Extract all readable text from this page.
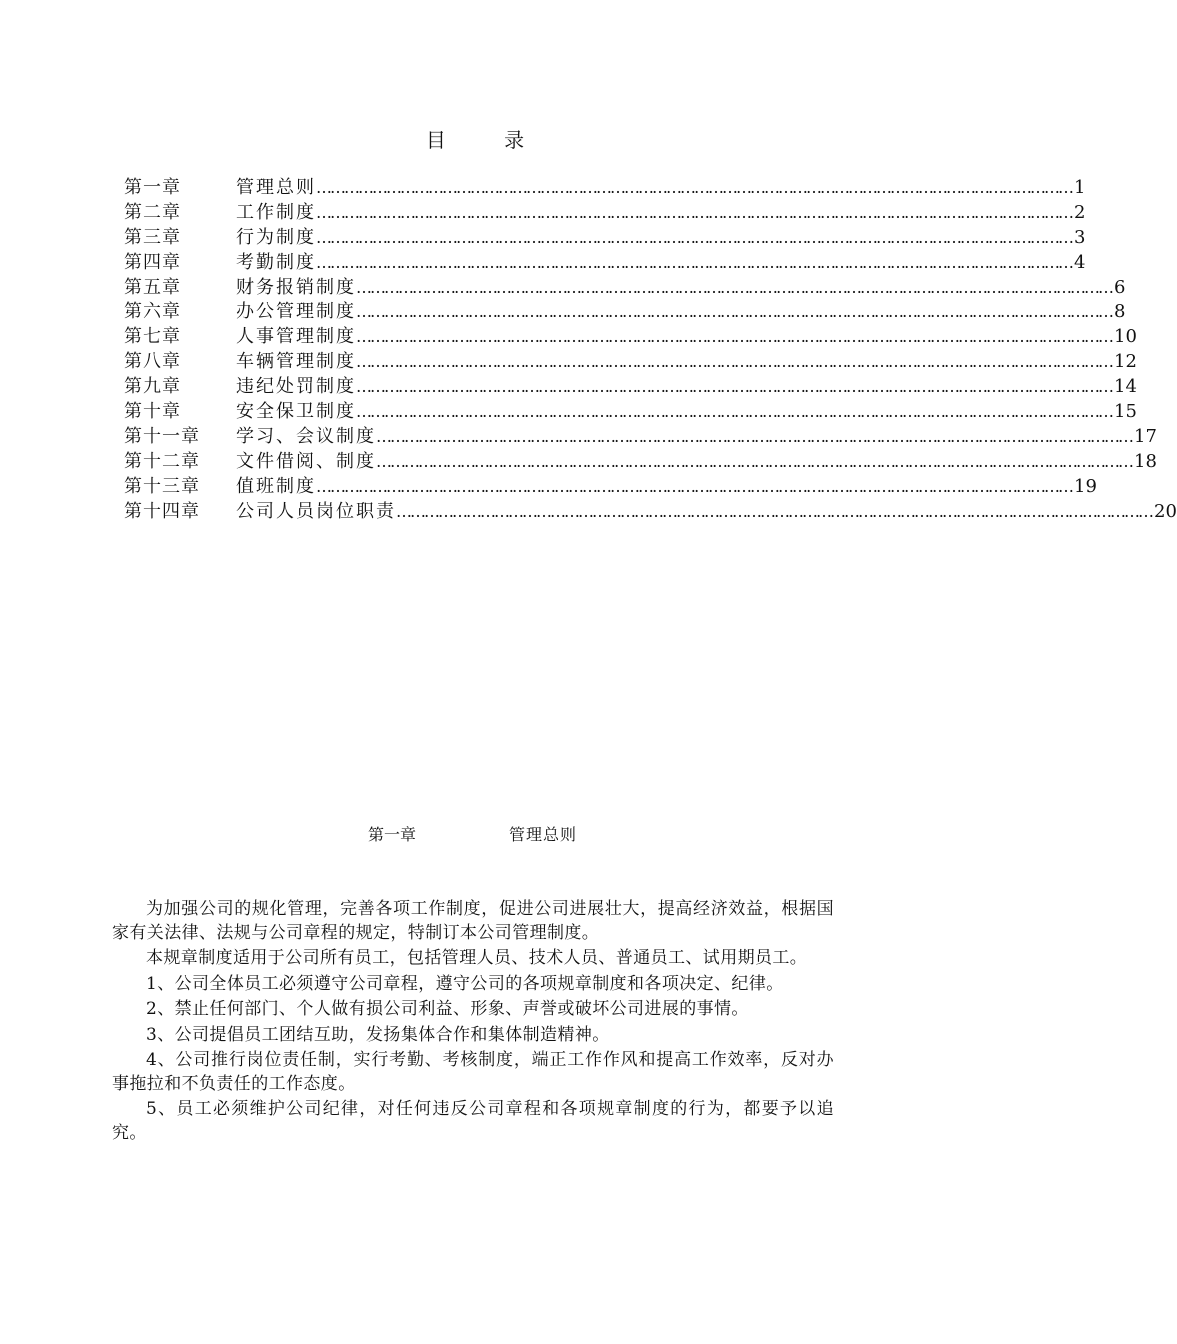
目 录
第一章	管理总则 ……………………………………………………………………………………………………………………………………………… 1
第二章	工作制度 ……………………………………………………………………………………………………………………………………………… 2
第三章	行为制度 ……………………………………………………………………………………………………………………………………………… 3
第四章	考勤制度 ……………………………………………………………………………………………………………………………………………… 4
第五章	财务报销制度 ……………………………………………………………………………………………………………………………………………… 6
第六章	办公管理制度 ……………………………………………………………………………………………………………………………………………… 8
第七章	人事管理制度 ……………………………………………………………………………………………………………………………………………… 10
第八章	车辆管理制度 ……………………………………………………………………………………………………………………………………………… 12
第九章	违纪处罚制度 ……………………………………………………………………………………………………………………………………………… 14
第十章	安全保卫制度 ……………………………………………………………………………………………………………………………………………… 15
第十一章	学习、会议制度 ……………………………………………………………………………………………………………………………………………… 17
第十二章	文件借阅、制度 ……………………………………………………………………………………………………………………………………………… 18
第十三章	值班制度 ……………………………………………………………………………………………………………………………………………… 19
第十四章	公司人员岗位职责 ……………………………………………………………………………………………………………………………………………… 20
第一章	管理总则

为加强公司的规化管理，完善各项工作制度，促进公司进展壮大，提高经济效益，根据国家有关法律、法规与公司章程的规定，特制订本公司管理制度。

本规章制度适用于公司所有员工，包括管理人员、技术人员、普通员工、试用期员工。

1、公司全体员工必须遵守公司章程，遵守公司的各项规章制度和各项决定、纪律。

2、禁止任何部门、个人做有损公司利益、形象、声誉或破坏公司进展的事情。

3、公司提倡员工团结互助，发扬集体合作和集体制造精神。

4、公司推行岗位责任制，实行考勤、考核制度，端正工作作风和提高工作效率，反对办事拖拉和不负责任的工作态度。

5、员工必须维护公司纪律，对任何违反公司章程和各项规章制度的行为，都要予以追究。
